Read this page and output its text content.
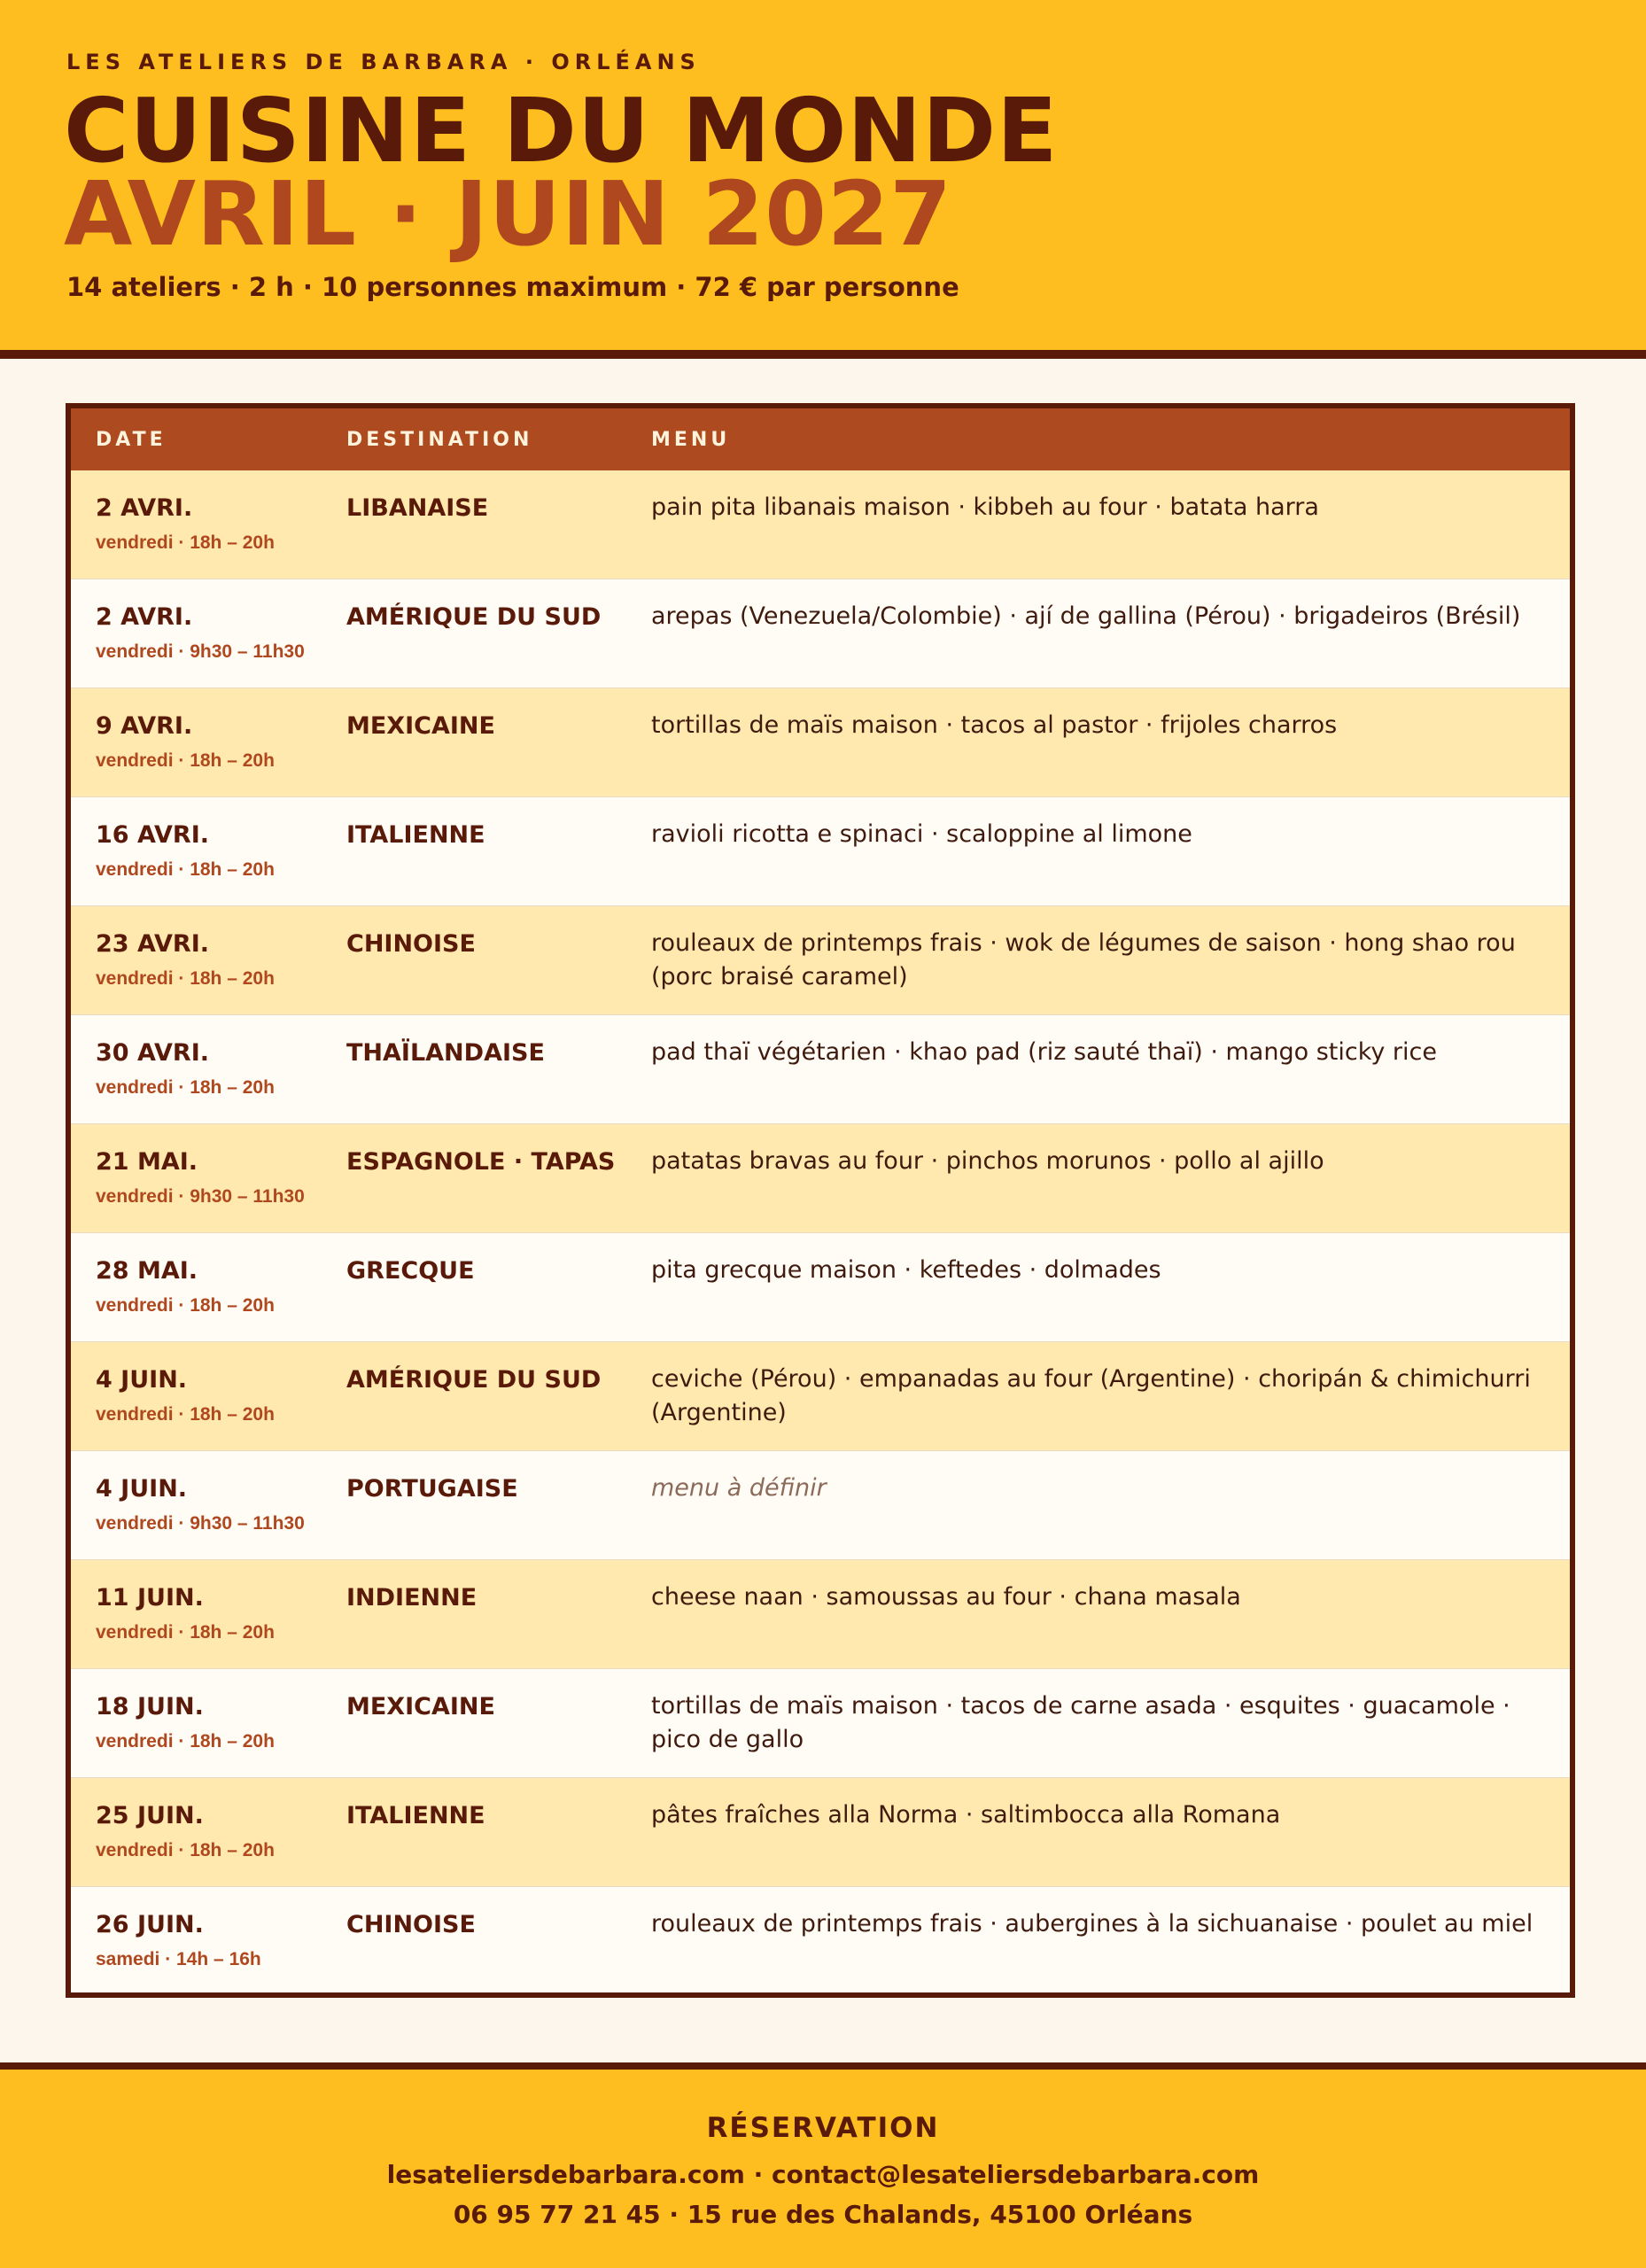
LES ATELIERS DE BARBARA · ORLÉANS
CUISINE DU MONDE
AVRIL · JUIN 2027
14 ateliers · 2 h · 10 personnes maximum · 72 € par personne
DATE	DESTINATION	MENU
2 AVRI.
vendredi · 18h – 20h
LIBANAISE	pain pita libanais maison · kibbeh au four · batata harra
2 AVRI.
vendredi · 9h30 – 11h30
AMÉRIQUE DU SUD	arepas (Venezuela/Colombie) · ají de gallina (Pérou) · brigadeiros (Brésil)
9 AVRI.
vendredi · 18h – 20h
MEXICAINE	tortillas de maïs maison · tacos al pastor · frijoles charros
16 AVRI.
vendredi · 18h – 20h
ITALIENNE	ravioli ricotta e spinaci · scaloppine al limone
23 AVRI.
vendredi · 18h – 20h
CHINOISE	rouleaux de printemps frais · wok de légumes de saison · hong shao rou (porc braisé caramel)
30 AVRI.
vendredi · 18h – 20h
THAÏLANDAISE	pad thaï végétarien · khao pad (riz sauté thaï) · mango sticky rice
21 MAI.
vendredi · 9h30 – 11h30
ESPAGNOLE · TAPAS	patatas bravas au four · pinchos morunos · pollo al ajillo
28 MAI.
vendredi · 18h – 20h
GRECQUE	pita grecque maison · keftedes · dolmades
4 JUIN.
vendredi · 18h – 20h
AMÉRIQUE DU SUD	ceviche (Pérou) · empanadas au four (Argentine) · choripán & chimichurri (Argentine)
4 JUIN.
vendredi · 9h30 – 11h30
PORTUGAISE	menu à définir
11 JUIN.
vendredi · 18h – 20h
INDIENNE	cheese naan · samoussas au four · chana masala
18 JUIN.
vendredi · 18h – 20h
MEXICAINE	tortillas de maïs maison · tacos de carne asada · esquites · guacamole · pico de gallo
25 JUIN.
vendredi · 18h – 20h
ITALIENNE	pâtes fraîches alla Norma · saltimbocca alla Romana
26 JUIN.
samedi · 14h – 16h
CHINOISE	rouleaux de printemps frais · aubergines à la sichuanaise · poulet au miel
RÉSERVATION
lesateliersdebarbara.com · contact@lesateliersdebarbara.com
06 95 77 21 45 · 15 rue des Chalands, 45100 Orléans
